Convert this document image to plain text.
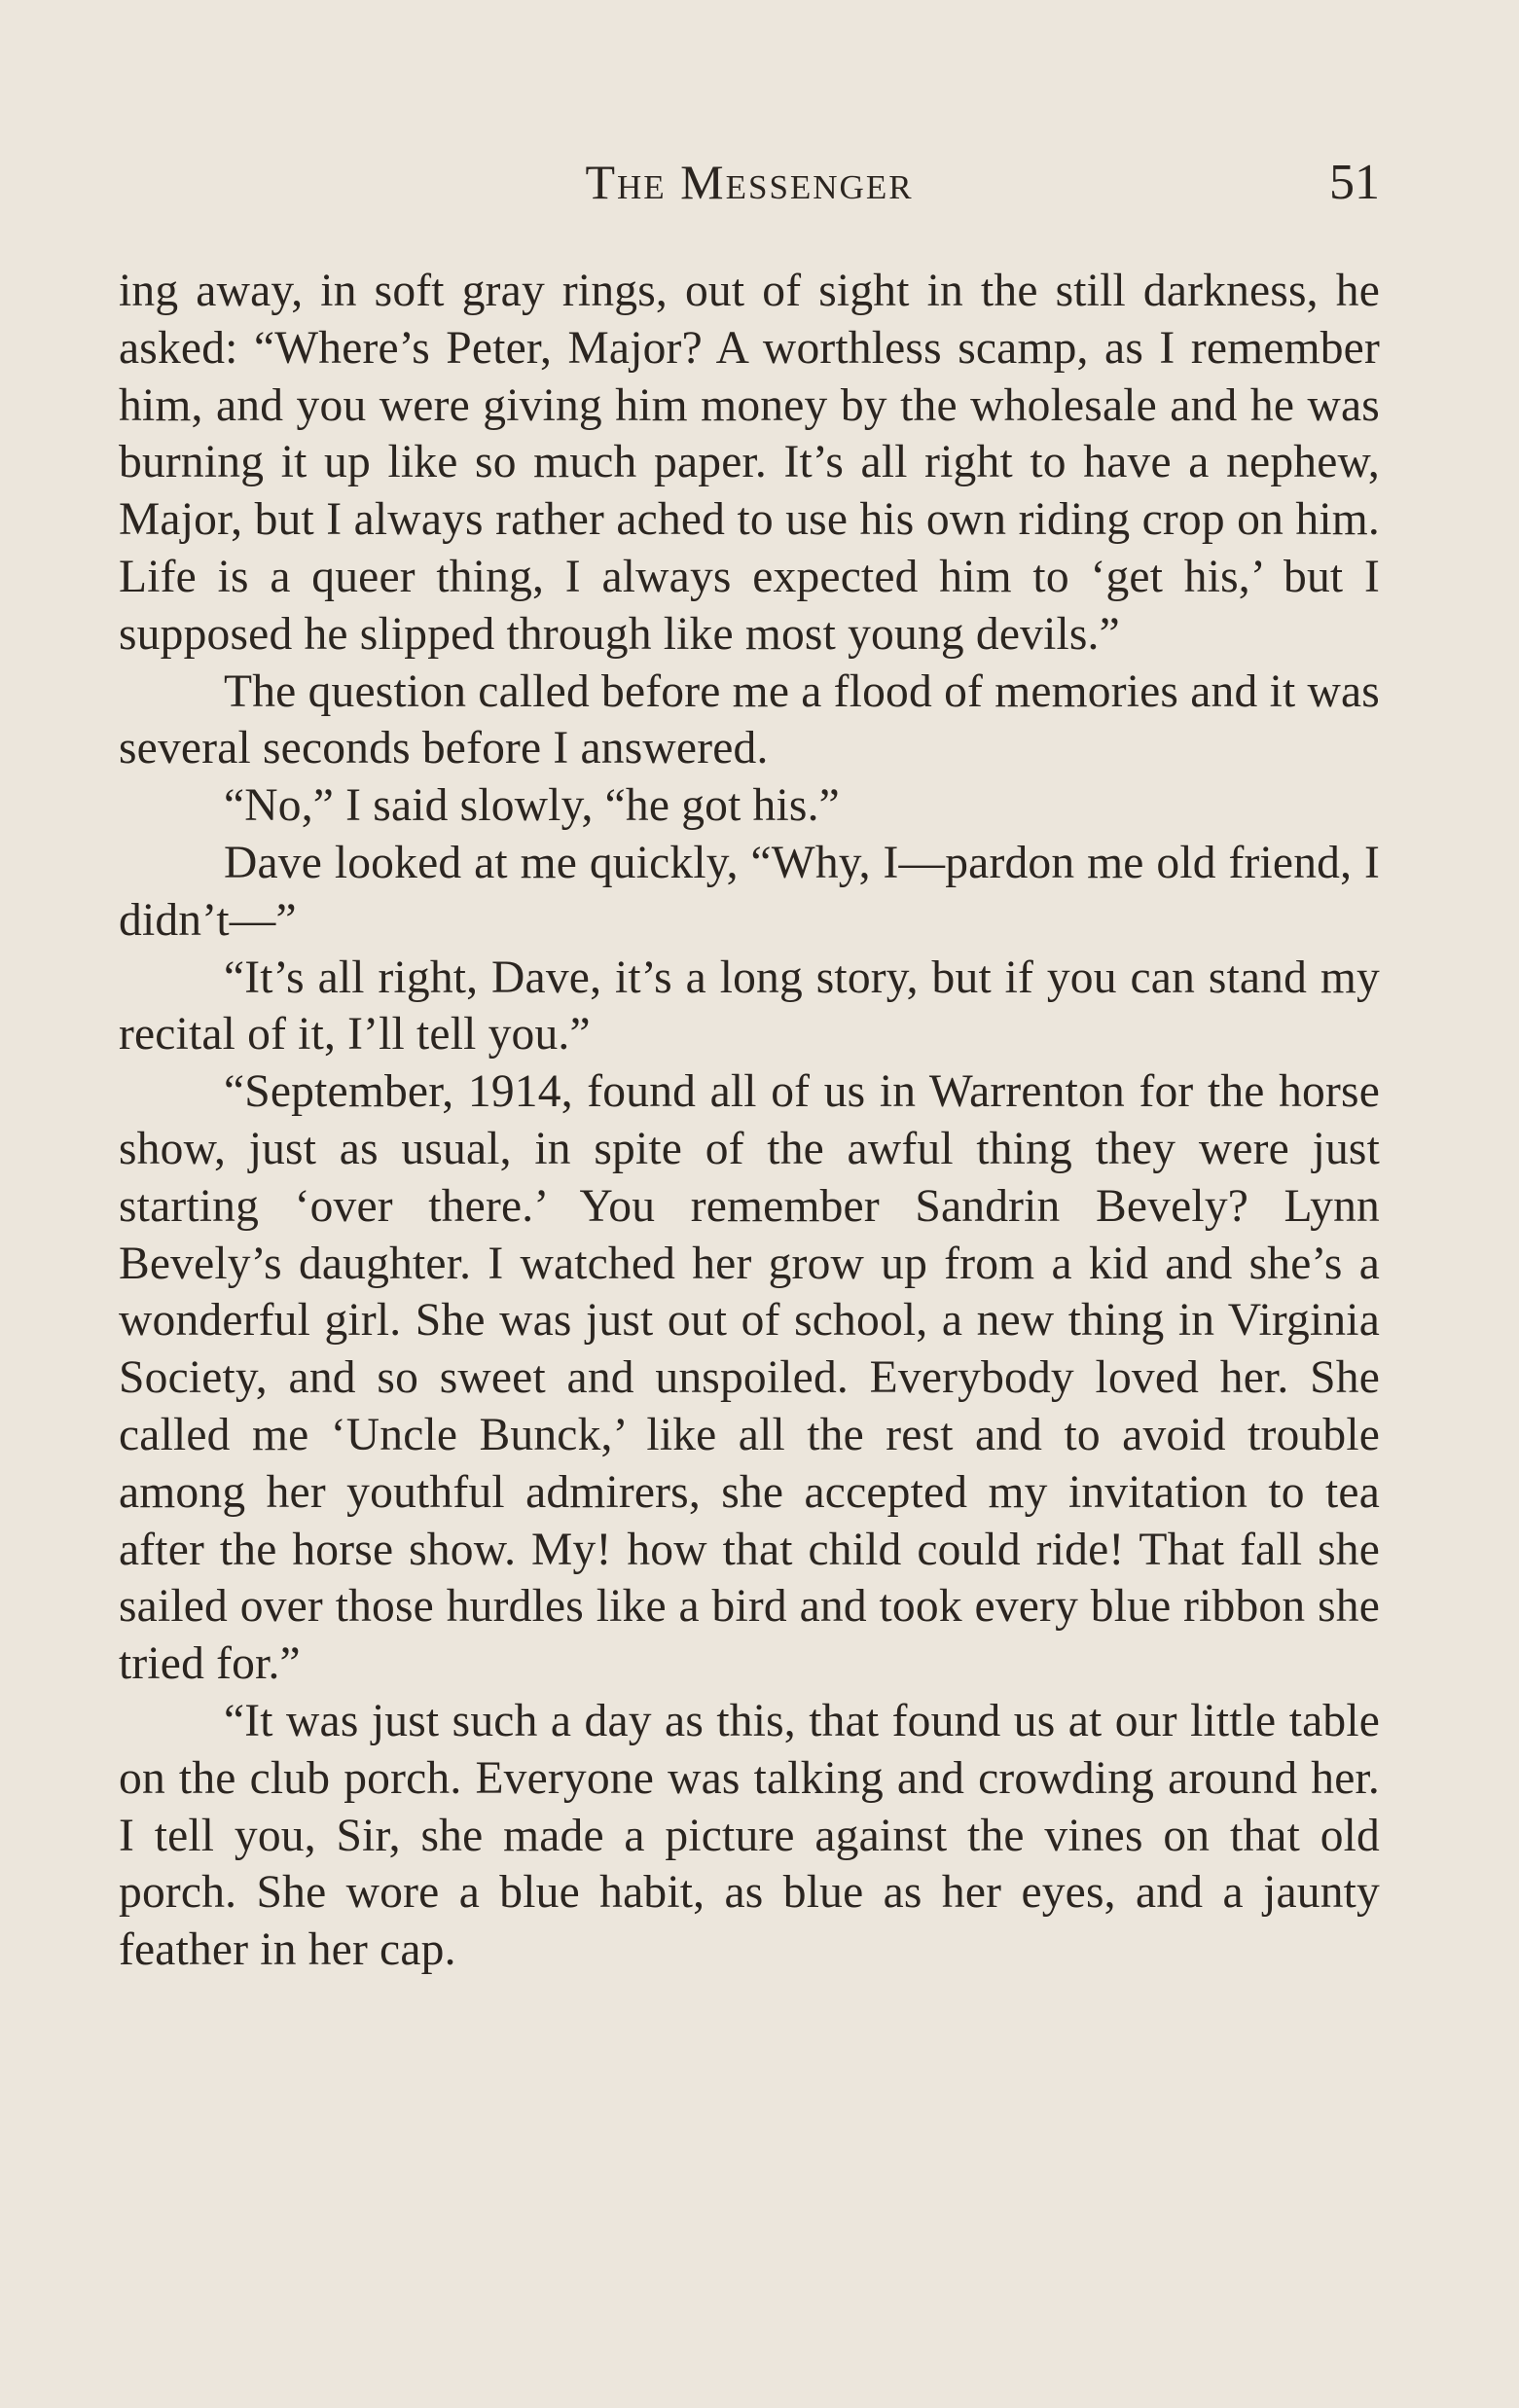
The Messenger	51

ing away, in soft gray rings, out of sight in the still darkness, he asked: “Where’s Peter, Major? A worthless scamp, as I remember him, and you were giving him money by the wholesale and he was burning it up like so much paper. It’s all right to have a nephew, Major, but I always rather ached to use his own riding crop on him. Life is a queer thing, I always expected him to ‘get his,’ but I supposed he slipped through like most young devils.”

The question called before me a flood of memories and it was several seconds before I answered.

“No,” I said slowly, “he got his.”

Dave looked at me quickly, “Why, I—pardon me old friend, I didn’t—”

“It’s all right, Dave, it’s a long story, but if you can stand my recital of it, I’ll tell you.”

“September, 1914, found all of us in Warrenton for the horse show, just as usual, in spite of the awful thing they were just starting ‘over there.’ You remember Sandrin Bevely? Lynn Bevely’s daughter. I watched her grow up from a kid and she’s a wonderful girl. She was just out of school, a new thing in Virginia Society, and so sweet and unspoiled. Everybody loved her. She called me ‘Uncle Bunck,’ like all the rest and to avoid trouble among her youthful admirers, she accepted my invitation to tea after the horse show. My! how that child could ride! That fall she sailed over those hurdles like a bird and took every blue ribbon she tried for.”

“It was just such a day as this, that found us at our little table on the club porch. Everyone was talking and crowding around her. I tell you, Sir, she made a picture against the vines on that old porch. She wore a blue habit, as blue as her eyes, and a jaunty feather in her cap.
